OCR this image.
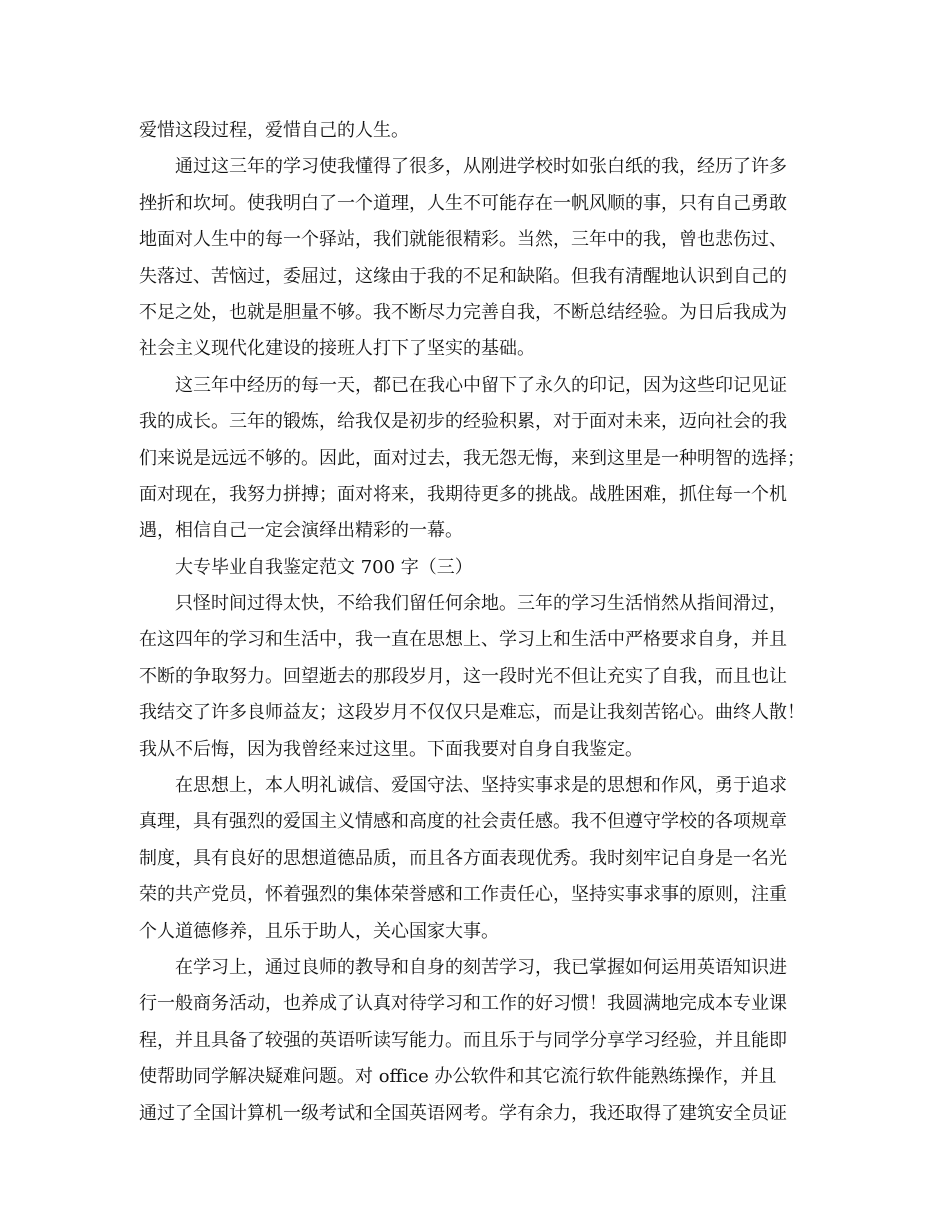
爱惜这段过程，爱惜自己的人生。
通过这三年的学习使我懂得了很多，从刚进学校时如张白纸的我，经历了许多
挫折和坎坷。使我明白了一个道理，人生不可能存在一帆风顺的事，只有自己勇敢
地面对人生中的每一个驿站，我们就能很精彩。当然，三年中的我，曾也悲伤过、
失落过、苦恼过，委屈过，这缘由于我的不足和缺陷。但我有清醒地认识到自己的
不足之处，也就是胆量不够。我不断尽力完善自我，不断总结经验。为日后我成为
社会主义现代化建设的接班人打下了坚实的基础。
这三年中经历的每一天，都已在我心中留下了永久的印记，因为这些印记见证
我的成长。三年的锻炼，给我仅是初步的经验积累，对于面对未来，迈向社会的我
们来说是远远不够的。因此，面对过去，我无怨无悔，来到这里是一种明智的选择；
面对现在，我努力拼搏；面对将来，我期待更多的挑战。战胜困难，抓住每一个机
遇，相信自己一定会演绎出精彩的一幕。
大专毕业自我鉴定范文 700 字（三）
只怪时间过得太快，不给我们留任何余地。三年的学习生活悄然从指间滑过，
在这四年的学习和生活中，我一直在思想上、学习上和生活中严格要求自身，并且
不断的争取努力。回望逝去的那段岁月，这一段时光不但让充实了自我，而且也让
我结交了许多良师益友；这段岁月不仅仅只是难忘，而是让我刻苦铭心。曲终人散！
我从不后悔，因为我曾经来过这里。下面我要对自身自我鉴定。
在思想上，本人明礼诚信、爱国守法、坚持实事求是的思想和作风，勇于追求
真理，具有强烈的爱国主义情感和高度的社会责任感。我不但遵守学校的各项规章
制度，具有良好的思想道德品质，而且各方面表现优秀。我时刻牢记自身是一名光
荣的共产党员，怀着强烈的集体荣誉感和工作责任心，坚持实事求事的原则，注重
个人道德修养，且乐于助人，关心国家大事。
在学习上，通过良师的教导和自身的刻苦学习，我已掌握如何运用英语知识进
行一般商务活动，也养成了认真对待学习和工作的好习惯！我圆满地完成本专业课
程，并且具备了较强的英语听读写能力。而且乐于与同学分享学习经验，并且能即
使帮助同学解决疑难问题。对 office 办公软件和其它流行软件能熟练操作，并且
通过了全国计算机一级考试和全国英语网考。学有余力，我还取得了建筑安全员证
